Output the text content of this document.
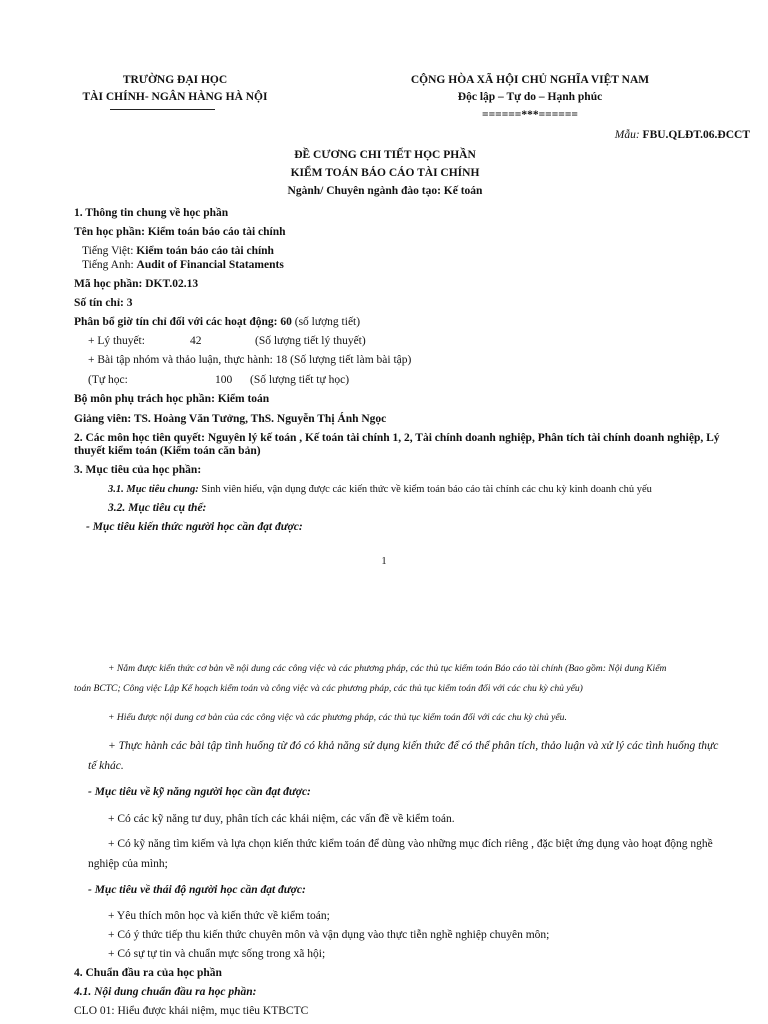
TRƯỜNG ĐẠI HỌC
TÀI CHÍNH- NGÂN HÀNG HÀ NỘI
CỘNG HÒA XÃ HỘI CHỦ NGHĨA VIỆT NAM
Độc lập – Tự do – Hạnh phúc
======***======
Mẫu: FBU.QLĐT.06.ĐCCT
ĐỀ CƯƠNG CHI TIẾT HỌC PHẦN
KIỂM TOÁN BÁO CÁO TÀI CHÍNH
Ngành/ Chuyên ngành đào tạo: Kế toán
1. Thông tin chung về học phần
Tên học phần: Kiểm toán báo cáo tài chính
Tiếng Việt: Kiểm toán báo cáo tài chính
Tiếng Anh: Audit of Financial Stataments
Mã học phần: DKT.02.13
Số tín chỉ: 3
Phân bổ giờ tín chỉ đối với các hoạt động: 60 (số lượng tiết)
+ Lý thuyết:	42	(Số lượng tiết lý thuyết)
+ Bài tập nhóm và thảo luận, thực hành: 18 (Số lượng tiết làm bài tập)
(Tự học:	100 (Số lượng tiết tự học)
Bộ môn phụ trách học phần: Kiểm toán
Giảng viên: TS. Hoàng Văn Tưởng, ThS. Nguyễn Thị Ánh Ngọc
2. Các môn học tiên quyết: Nguyên lý kế toán , Kế toán tài chính 1, 2, Tài chính doanh nghiệp, Phân tích tài chính doanh nghiệp, Lý
thuyết kiểm toán (Kiểm toán căn bản)
3. Mục tiêu của học phần:
3.1. Mục tiêu chung: Sinh viên hiểu, vận dụng được các kiến thức về kiểm toán báo cáo tài chính các chu kỳ kinh doanh chủ yếu
3.2. Mục tiêu cụ thể:
- Mục tiêu kiến thức người học cần đạt được:
1
+ Nắm được kiến thức cơ bản về nội dung các công việc và các phương pháp, các thủ tục kiểm toán Báo cáo tài chính (Bao gồm: Nội dung Kiểm
toán BCTC; Công việc Lập Kế hoạch kiểm toán và công việc và các phương pháp, các thủ tục kiểm toán đối với các chu kỳ chủ yếu)
+ Hiểu được nội dung cơ bản của các công việc và các phương pháp, các thủ tục kiểm toán đối với các chu kỳ chủ yếu.
+ Thực hành các bài tập tình huống từ đó có khả năng sử dụng kiến thức để có thể phân tích, thảo luận và xử lý các tình huống thực
tế khác.
- Mục tiêu về kỹ năng người học cần đạt được:
+ Có các kỹ năng tư duy, phân tích các khái niệm, các vấn đề về kiểm toán.
+ Có kỹ năng tìm kiếm và lựa chọn kiến thức kiểm toán để dùng vào những mục đích riêng , đặc biệt ứng dụng vào hoạt động nghề
nghiệp của mình;
- Mục tiêu về thái độ người học cần đạt được:
+ Yêu thích môn học và kiến thức về kiểm toán;
+ Có ý thức tiếp thu kiến thức chuyên môn và vận dụng vào thực tiễn nghề nghiệp chuyên môn;
+ Có sự tự tin và chuẩn mực sống trong xã hội;
4. Chuẩn đầu ra của học phần
4.1. Nội dung chuẩn đầu ra học phần:
CLO 01: Hiểu được khái niệm, mục tiêu KTBCTC
